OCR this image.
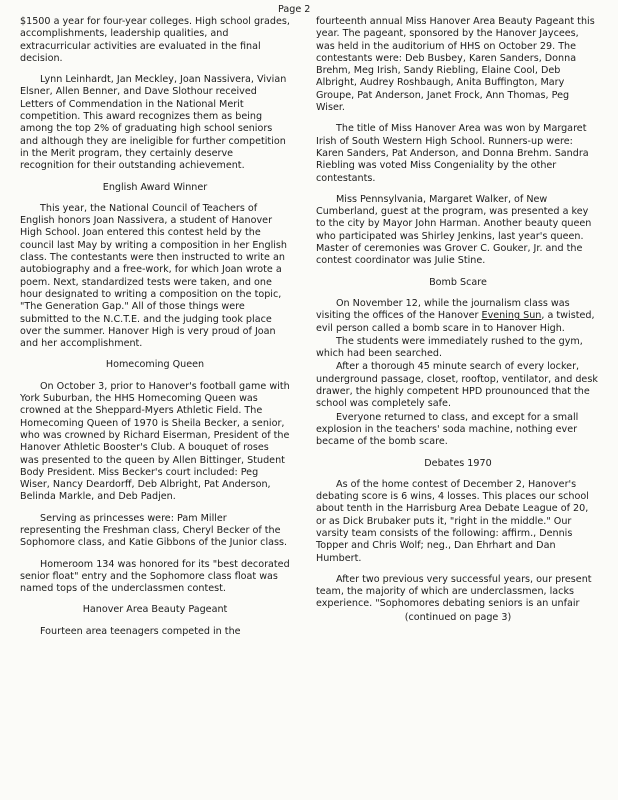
Page 2

$1500 a year for four-year colleges. High school grades, accomplishments, leadership qualities, and extracurricular activities are evaluated in the final decision.

Lynn Leinhardt, Jan Meckley, Joan Nassivera, Vivian Elsner, Allen Benner, and Dave Slothour received Letters of Commendation in the National Merit competition. This award recognizes them as being among the top 2% of graduating high school seniors and although they are ineligible for further competition in the Merit program, they certainly deserve recognition for their outstanding achievement.

English Award Winner

This year, the National Council of Teachers of English honors Joan Nassivera, a student of Hanover High School. Joan entered this contest held by the council last May by writing a composition in her English class. The contestants were then instructed to write an autobiography and a free-work, for which Joan wrote a poem. Next, standardized tests were taken, and one hour designated to writing a composition on the topic, "The Generation Gap." All of those things were submitted to the N.C.T.E. and the judging took place over the summer. Hanover High is very proud of Joan and her accomplishment.

Homecoming Queen

On October 3, prior to Hanover's football game with York Suburban, the HHS Homecoming Queen was crowned at the Sheppard-Myers Athletic Field. The Homecoming Queen of 1970 is Sheila Becker, a senior, who was crowned by Richard Eiserman, President of the Hanover Athletic Booster's Club. A bouquet of roses was presented to the queen by Allen Bittinger, Student Body President. Miss Becker's court included: Peg Wiser, Nancy Deardorff, Deb Albright, Pat Anderson, Belinda Markle, and Deb Padjen.

Serving as princesses were: Pam Miller representing the Freshman class, Cheryl Becker of the Sophomore class, and Katie Gibbons of the Junior class.

Homeroom 134 was honored for its "best decorated senior float" entry and the Sophomore class float was named tops of the underclassmen contest.

Hanover Area Beauty Pageant

Fourteen area teenagers competed in the

fourteenth annual Miss Hanover Area Beauty Pageant this year. The pageant, sponsored by the Hanover Jaycees, was held in the auditorium of HHS on October 29. The contestants were: Deb Busbey, Karen Sanders, Donna Brehm, Meg Irish, Sandy Riebling, Elaine Cool, Deb Albright, Audrey Roshbaugh, Anita Buffington, Mary Groupe, Pat Anderson, Janet Frock, Ann Thomas, Peg Wiser.

The title of Miss Hanover Area was won by Margaret Irish of South Western High School. Runners-up were: Karen Sanders, Pat Anderson, and Donna Brehm. Sandra Riebling was voted Miss Congeniality by the other contestants.

Miss Pennsylvania, Margaret Walker, of New Cumberland, guest at the program, was presented a key to the city by Mayor John Harman. Another beauty queen who participated was Shirley Jenkins, last year's queen. Master of ceremonies was Grover C. Gouker, Jr. and the contest coordinator was Julie Stine.

Bomb Scare

On November 12, while the journalism class was visiting the offices of the Hanover Evening Sun, a twisted, evil person called a bomb scare in to Hanover High.

The students were immediately rushed to the gym, which had been searched.

After a thorough 45 minute search of every locker, underground passage, closet, rooftop, ventilator, and desk drawer, the highly competent HPD prounounced that the school was completely safe.

Everyone returned to class, and except for a small explosion in the teachers' soda machine, nothing ever became of the bomb scare.

Debates 1970

As of the home contest of December 2, Hanover's debating score is 6 wins, 4 losses. This places our school about tenth in the Harrisburg Area Debate League of 20, or as Dick Brubaker puts it, "right in the middle." Our varsity team consists of the following: affirm., Dennis Topper and Chris Wolf; neg., Dan Ehrhart and Dan Humbert.

After two previous very successful years, our present team, the majority of which are underclassmen, lacks experience. "Sophomores debating seniors is an unfair

(continued on page 3)
